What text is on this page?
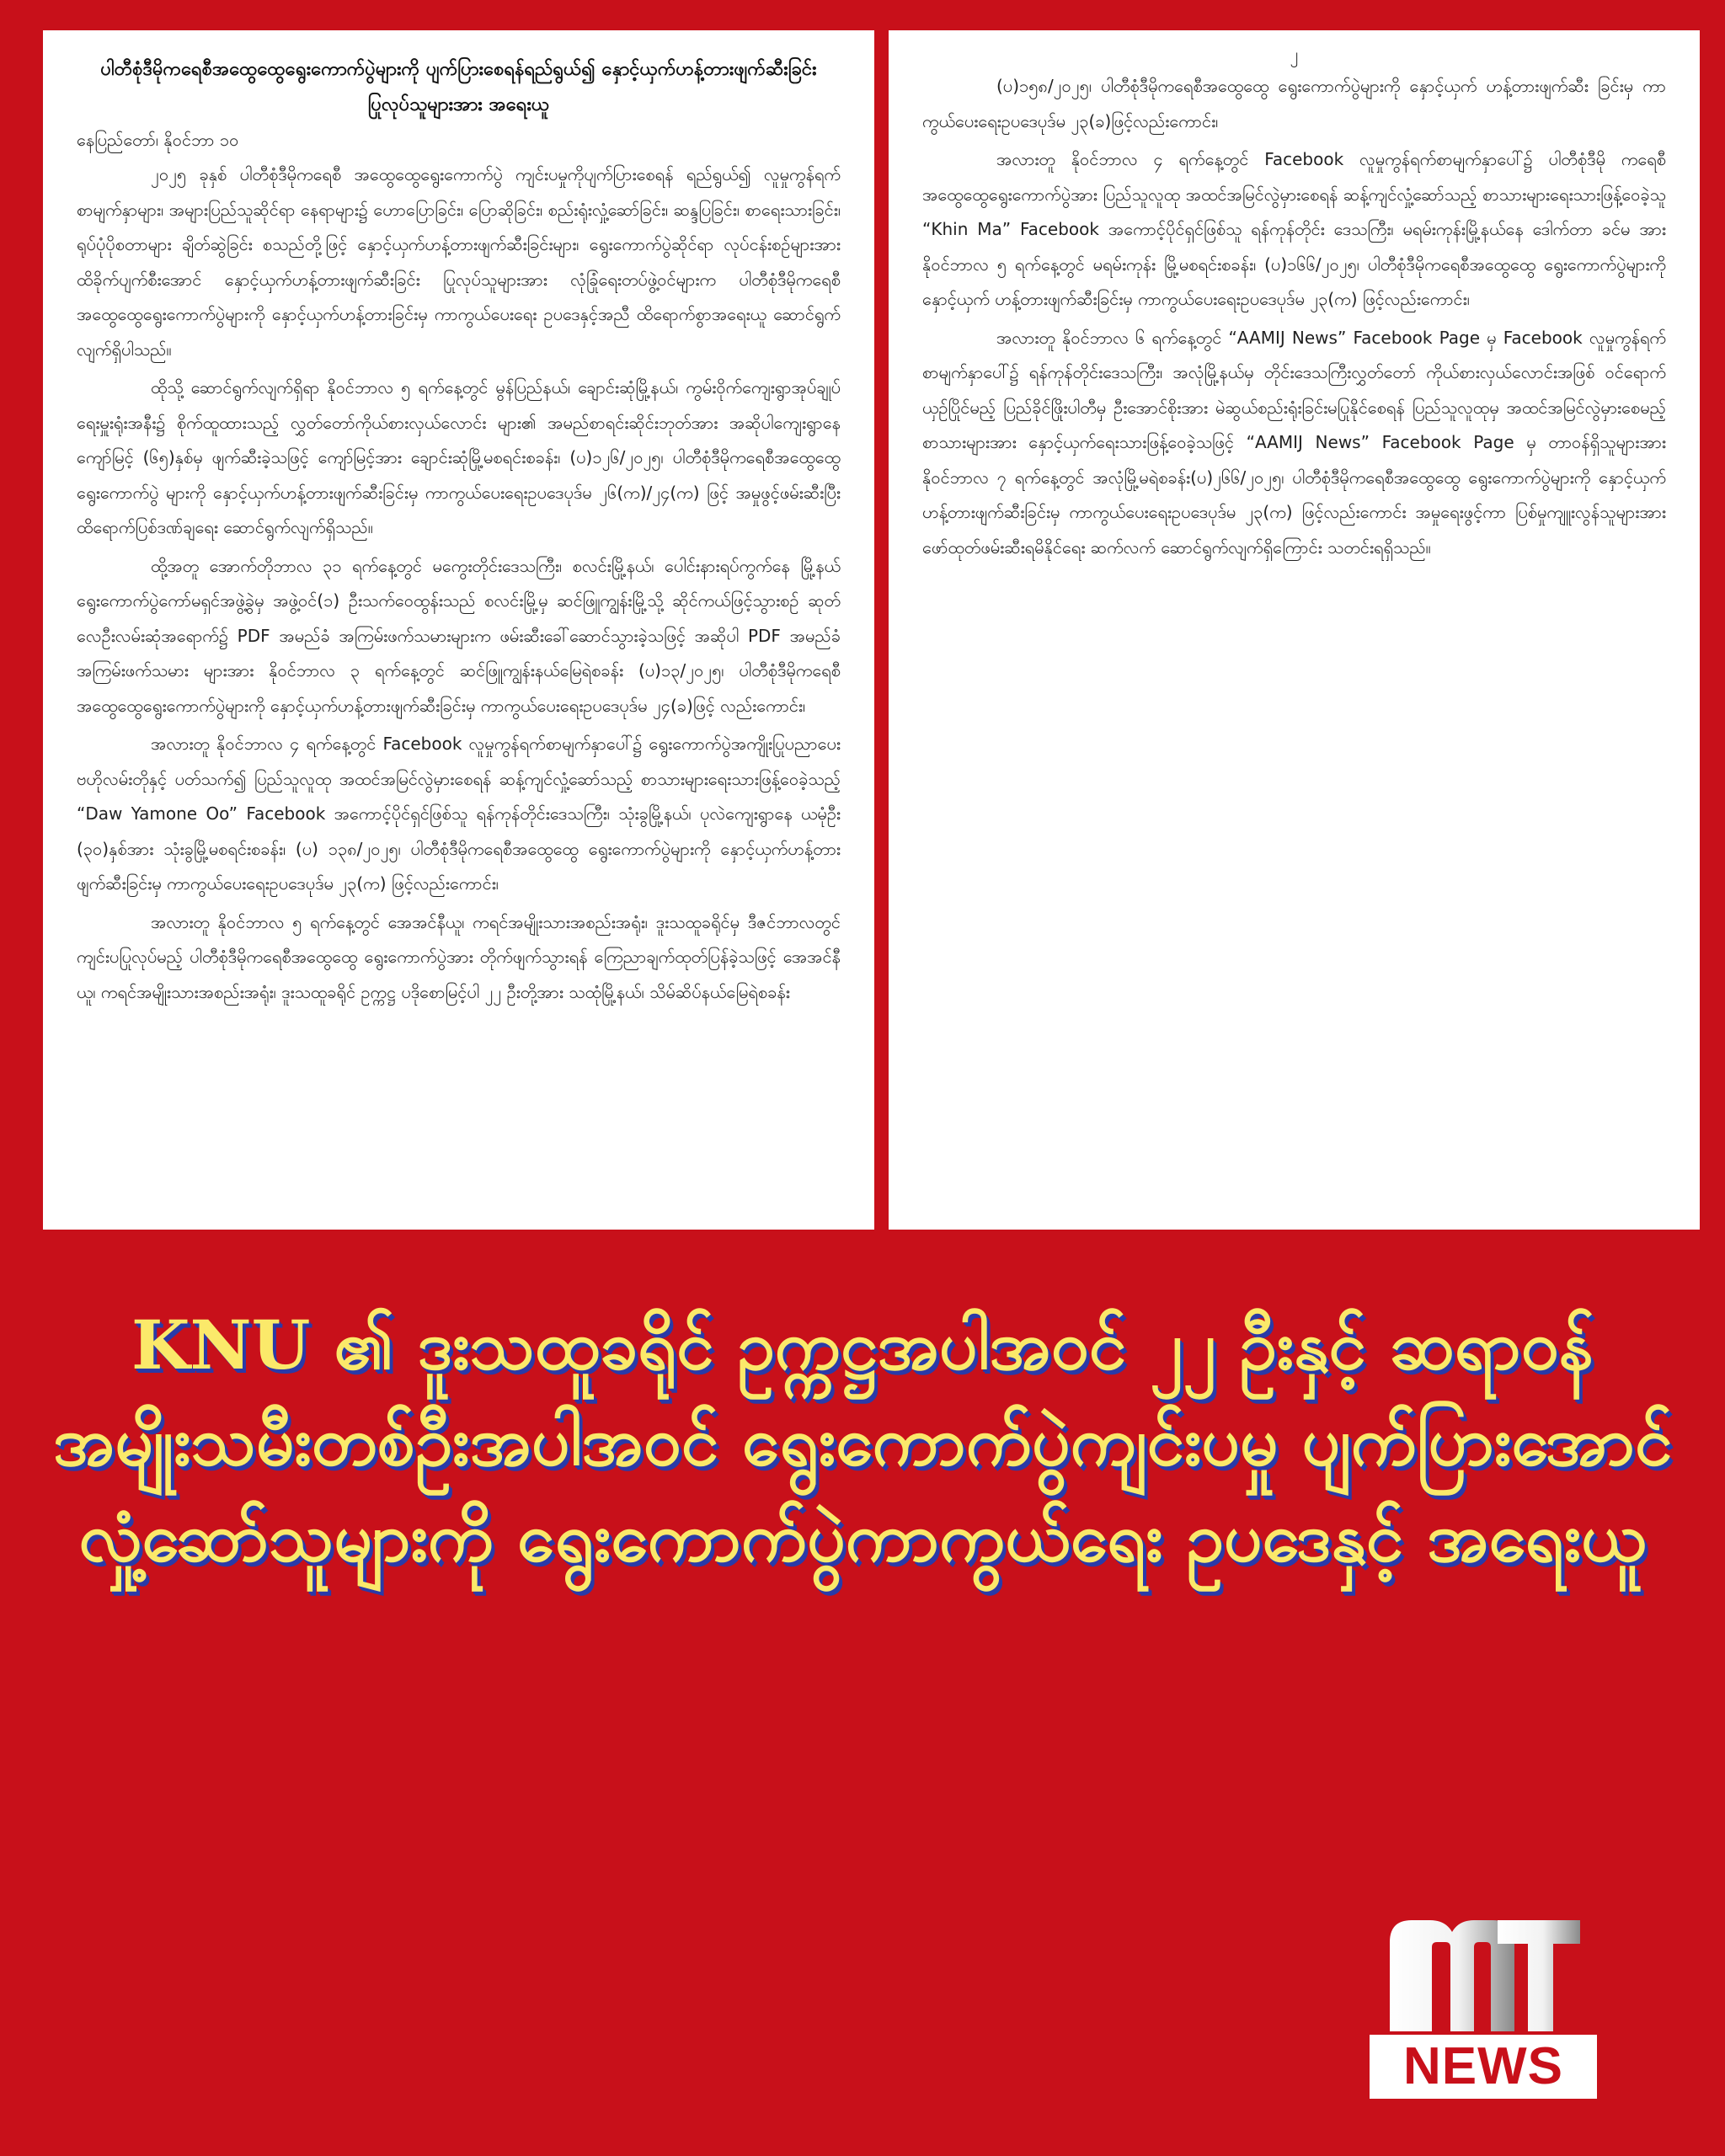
ပါတီစုံဒီမိုကရေစီအထွေထွေရွေးကောက်ပွဲများကို ပျက်ပြားစေရန်ရည်ရွယ်၍ နှောင့်ယှက်ဟန့်တားဖျက်ဆီးခြင်း ပြုလုပ်သူများအား အရေးယူ

နေပြည်တော်၊ နိုဝင်ဘာ ၁၀

၂၀၂၅ ခုနှစ် ပါတီစုံဒီမိုကရေစီ အထွေထွေရွေးကောက်ပွဲ ကျင်းပမှုကိုပျက်ပြားစေရန် ရည်ရွယ်၍ လူမှုကွန်ရက်စာမျက်နှာများ၊ အများပြည်သူဆိုင်ရာ နေရာများ၌ ဟောပြောခြင်း၊ ပြောဆိုခြင်း၊ စည်းရုံးလှုံ့ဆော်ခြင်း၊ ဆန္ဒပြခြင်း၊ စာရေးသားခြင်း၊ ရုပ်ပုံပိုစတာများ ချိတ်ဆွဲခြင်း စသည်တို့ဖြင့် နှောင့်ယှက်ဟန့်တားဖျက်ဆီးခြင်းများ၊ ရွေးကောက်ပွဲဆိုင်ရာ လုပ်ငန်းစဉ်များအား ထိခိုက်ပျက်စီးအောင် နှောင့်ယှက်ဟန့်တားဖျက်ဆီးခြင်း ပြုလုပ်သူများအား လုံခြုံရေးတပ်ဖွဲ့ဝင်များက ပါတီစုံဒီမိုကရေစီ အထွေထွေရွေးကောက်ပွဲများကို နှောင့်ယှက်ဟန့်တားခြင်းမှ ကာကွယ်ပေးရေး ဥပဒေနှင့်အညီ ထိရောက်စွာအရေးယူ ဆောင်ရွက်လျက်ရှိပါသည်။

ထိုသို့ ဆောင်ရွက်လျက်ရှိရာ နိုဝင်ဘာလ ၅ ရက်နေ့တွင် မွန်ပြည်နယ်၊ ချောင်းဆုံမြို့နယ်၊ ကွမ်းဝိုက်ကျေးရွာအုပ်ချုပ်ရေးမှူးရုံးအနီး၌ စိုက်ထူထားသည့် လွှတ်တော်ကိုယ်စားလှယ်လောင်း များ၏ အမည်စာရင်းဆိုင်းဘုတ်အား အဆိုပါကျေးရွာနေ ကျော်မြင့် (၆၅)နှစ်မှ ဖျက်ဆီးခဲ့သဖြင့် ကျော်မြင့်အား ချောင်းဆုံမြို့မစရင်းစခန်း၊ (ပ)၁၂၆/၂၀၂၅၊ ပါတီစုံဒီမိုကရေစီအထွေထွေ ရွေးကောက်ပွဲ များကို နှောင့်ယှက်ဟန့်တားဖျက်ဆီးခြင်းမှ ကာကွယ်ပေးရေးဥပဒေပုဒ်မ ၂၆(က)/၂၄(က) ဖြင့် အမှုဖွင့်ဖမ်းဆီးပြီး ထိရောက်ပြစ်ဒဏ်ချရေး ဆောင်ရွက်လျက်ရှိသည်။

ထို့အတူ အောက်တိုဘာလ ၃၁ ရက်နေ့တွင် မကွေးတိုင်းဒေသကြီး၊ စလင်းမြို့နယ်၊ ပေါင်းနားရပ်ကွက်နေ မြို့နယ်ရွေးကောက်ပွဲကော်မရှင်အဖွဲ့ခွဲမှ အဖွဲ့ဝင်(၁) ဦးသက်ဝေထွန်းသည် စလင်းမြို့မှ ဆင်ဖြူကျွန်းမြို့သို့ ဆိုင်ကယ်ဖြင့်သွားစဉ် ဆုတ်လေဦးလမ်းဆုံအရောက်၌ PDF အမည်ခံ အကြမ်းဖက်သမားများက ဖမ်းဆီးခေါ်ဆောင်သွားခဲ့သဖြင့် အဆိုပါ PDF အမည်ခံအကြမ်းဖက်သမား များအား နိုဝင်ဘာလ ၃ ရက်နေ့တွင် ဆင်ဖြူကျွန်းနယ်မြေရဲစခန်း (ပ)၁၃/၂၀၂၅၊ ပါတီစုံဒီမိုကရေစီ အထွေထွေရွေးကောက်ပွဲများကို နှောင့်ယှက်ဟန့်တားဖျက်ဆီးခြင်းမှ ကာကွယ်ပေးရေးဥပဒေပုဒ်မ ၂၄(ခ)ဖြင့် လည်းကောင်း၊

အလားတူ နိုဝင်ဘာလ ၄ ရက်နေ့တွင် Facebook လူမှုကွန်ရက်စာမျက်နှာပေါ်၌ ရွေးကောက်ပွဲအကျိုးပြုပညာပေးဗဟိုလမ်းတိုနှင့် ပတ်သက်၍ ပြည်သူလူထု အထင်အမြင်လွဲမှားစေရန် ဆန့်ကျင်လှုံ့ဆော်သည့် စာသားများရေးသားဖြန့်ဝေခဲ့သည့် “Daw Yamone Oo” Facebook အကောင့်ပိုင်ရှင်ဖြစ်သူ ရန်ကုန်တိုင်းဒေသကြီး၊ သုံးခွမြို့နယ်၊ ပုလဲကျေးရွာနေ ယမုံဦး (၃၀)နှစ်အား သုံးခွမြို့မစရင်းစခန်း၊ (ပ) ၁၃၈/၂၀၂၅၊ ပါတီစုံဒီမိုကရေစီအထွေထွေ ရွေးကောက်ပွဲများကို နှောင့်ယှက်ဟန့်တားဖျက်ဆီးခြင်းမှ ကာကွယ်ပေးရေးဥပဒေပုဒ်မ ၂၃(က) ဖြင့်လည်းကောင်း၊

အလားတူ နိုဝင်ဘာလ ၅ ရက်နေ့တွင် အေအင်နီယူ၊ ကရင်အမျိုးသားအစည်းအရုံး၊ ဒူးသထူခရိုင်မှ ဒီဇင်ဘာလတွင် ကျင်းပပြုလုပ်မည့် ပါတီစုံဒီမိုကရေစီအထွေထွေ ရွေးကောက်ပွဲအား တိုက်ဖျက်သွားရန် ကြေညာချက်ထုတ်ပြန်ခဲ့သဖြင့် အေအင်နီယူ၊ ကရင်အမျိုးသားအစည်းအရုံး၊ ဒူးသထူခရိုင် ဥက္ကဋ္ဌ ပဒိုစောမြင့်ပါ ၂၂ ဦးတို့အား သထုံမြို့နယ်၊ သိမ်ဆိပ်နယ်မြေရဲစခန်း

၂

(ပ)၁၅၈/၂၀၂၅၊ ပါတီစုံဒီမိုကရေစီအထွေထွေ ရွေးကောက်ပွဲများကို နှောင့်ယှက် ဟန့်တားဖျက်ဆီး ခြင်းမှ ကာကွယ်ပေးရေးဥပဒေပုဒ်မ ၂၃(ခ)ဖြင့်လည်းကောင်း၊

အလားတူ နိုဝင်ဘာလ ၄ ရက်နေ့တွင် Facebook လူမှုကွန်ရက်စာမျက်နှာပေါ်၌ ပါတီစုံဒီမို ကရေစီ အထွေထွေရွေးကောက်ပွဲအား ပြည်သူလူထု အထင်အမြင်လွဲမှားစေရန် ဆန့်ကျင်လှုံ့ဆော်သည့် စာသားများရေးသားဖြန့်ဝေခဲ့သူ “Khin Ma” Facebook အကောင့်ပိုင်ရှင်ဖြစ်သူ ရန်ကုန်တိုင်း ဒေသကြီး၊ မရမ်းကုန်းမြို့နယ်နေ ဒေါက်တာ ခင်မ အား နိုဝင်ဘာလ ၅ ရက်နေ့တွင် မရမ်းကုန်း မြို့မစရင်းစခန်း၊ (ပ)၁၆၆/၂၀၂၅၊ ပါတီစုံဒီမိုကရေစီအထွေထွေ ရွေးကောက်ပွဲများကို နှောင့်ယှက် ဟန့်တားဖျက်ဆီးခြင်းမှ ကာကွယ်ပေးရေးဥပဒေပုဒ်မ ၂၃(က) ဖြင့်လည်းကောင်း၊

အလားတူ နိုဝင်ဘာလ ၆ ရက်နေ့တွင် “AAMIJ News” Facebook Page မှ Facebook လူမှုကွန်ရက်စာမျက်နှာပေါ်၌ ရန်ကုန်တိုင်းဒေသကြီး၊ အလုံမြို့နယ်မှ တိုင်းဒေသကြီးလွှတ်တော် ကိုယ်စားလှယ်လောင်းအဖြစ် ဝင်ရောက်ယှဉ်ပြိုင်မည့် ပြည်ခိုင်ဖြိုးပါတီမှ ဦးအောင်စိုးအား မဲဆွယ်စည်းရုံးခြင်းမပြုနိုင်စေရန် ပြည်သူလူထုမှ အထင်အမြင်လွဲမှားစေမည့် စာသားများအား နှောင့်ယှက်ရေးသားဖြန့်ဝေခဲ့သဖြင့် “AAMIJ News” Facebook Page မှ တာဝန်ရှိသူများအား နိုဝင်ဘာလ ၇ ရက်နေ့တွင် အလုံမြို့မရဲစခန်း(ပ)၂၆၆/၂၀၂၅၊ ပါတီစုံဒီမိုကရေစီအထွေထွေ ရွေးကောက်ပွဲများကို နှောင့်ယှက်ဟန့်တားဖျက်ဆီးခြင်းမှ ကာကွယ်ပေးရေးဥပဒေပုဒ်မ ၂၃(က) ဖြင့်လည်းကောင်း အမှုရေးဖွင့်ကာ ပြစ်မှုကျူးလွန်သူများအား ဖော်ထုတ်ဖမ်းဆီးရမိနိုင်ရေး ဆက်လက် ဆောင်ရွက်လျက်ရှိကြောင်း သတင်းရရှိသည်။

KNU ၏ ဒူးသထူခရိုင် ဥက္ကဋ္ဌအပါအဝင် ၂၂ ဦးနှင့် ဆရာဝန်အမျိုးသမီးတစ်ဦးအပါအဝင် ရွေးကောက်ပွဲကျင်းပမှု ပျက်ပြားအောင် လှုံ့ဆော်သူများကို ရွေးကောက်ပွဲကာကွယ်ရေး ဥပဒေနှင့် အရေးယူ
NEWS
